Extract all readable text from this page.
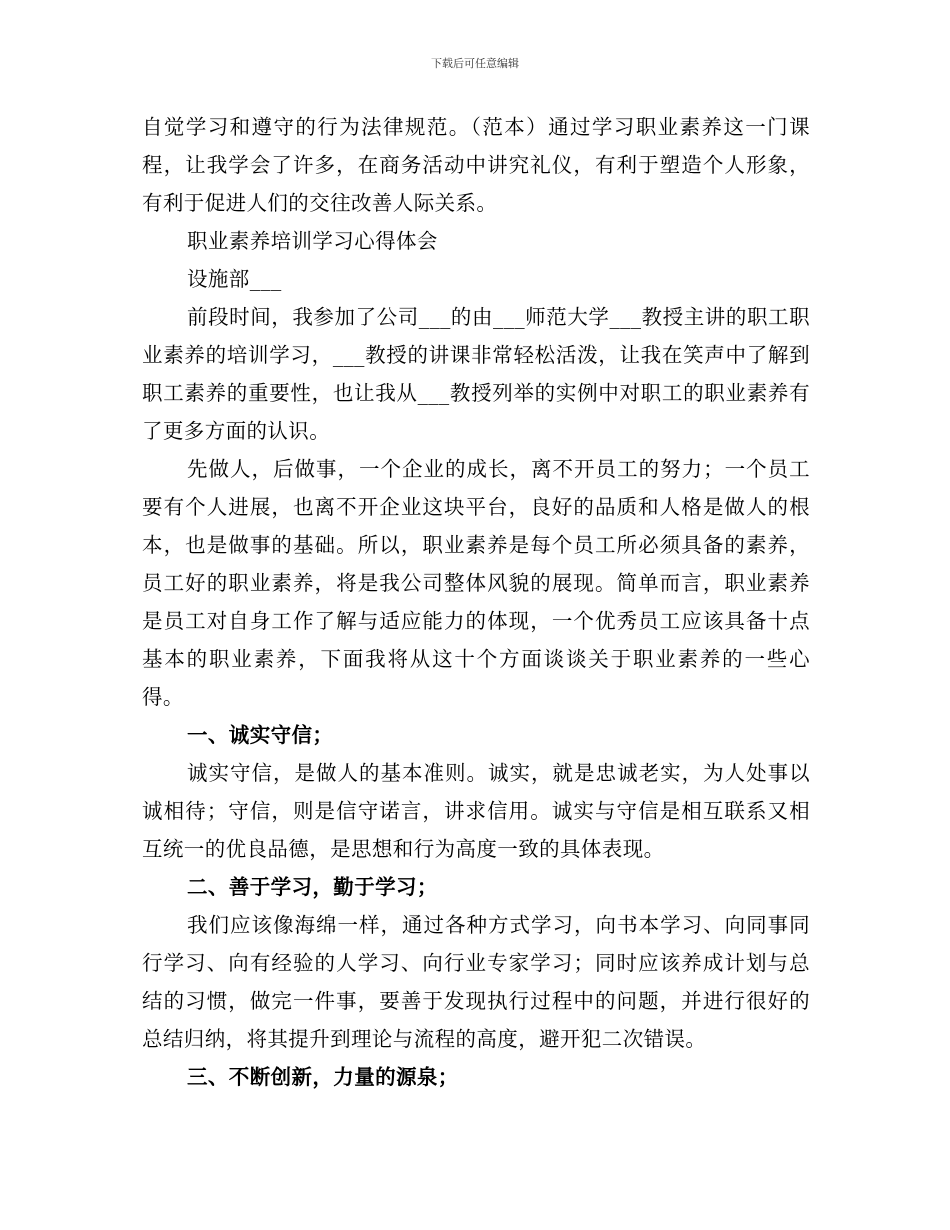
下载后可任意编辑

自觉学习和遵守的行为法律规范。（范本）通过学习职业素养这一门课程，让我学会了许多，在商务活动中讲究礼仪，有利于塑造个人形象，有利于促进人们的交往改善人际关系。

职业素养培训学习心得体会

设施部___

前段时间，我参加了公司___的由___师范大学___教授主讲的职工职业素养的培训学习，___教授的讲课非常轻松活泼，让我在笑声中了解到职工素养的重要性，也让我从___教授列举的实例中对职工的职业素养有了更多方面的认识。

先做人，后做事，一个企业的成长，离不开员工的努力；一个员工要有个人进展，也离不开企业这块平台，良好的品质和人格是做人的根本，也是做事的基础。所以，职业素养是每个员工所必须具备的素养，员工好的职业素养，将是我公司整体风貌的展现。简单而言，职业素养是员工对自身工作了解与适应能力的体现，一个优秀员工应该具备十点基本的职业素养，下面我将从这十个方面谈谈关于职业素养的一些心得。

一、诚实守信；

诚实守信，是做人的基本准则。诚实，就是忠诚老实，为人处事以诚相待；守信，则是信守诺言，讲求信用。诚实与守信是相互联系又相互统一的优良品德，是思想和行为高度一致的具体表现。

二、善于学习，勤于学习；

我们应该像海绵一样，通过各种方式学习，向书本学习、向同事同行学习、向有经验的人学习、向行业专家学习；同时应该养成计划与总结的习惯，做完一件事，要善于发现执行过程中的问题，并进行很好的总结归纳，将其提升到理论与流程的高度，避开犯二次错误。

三、不断创新，力量的源泉；
